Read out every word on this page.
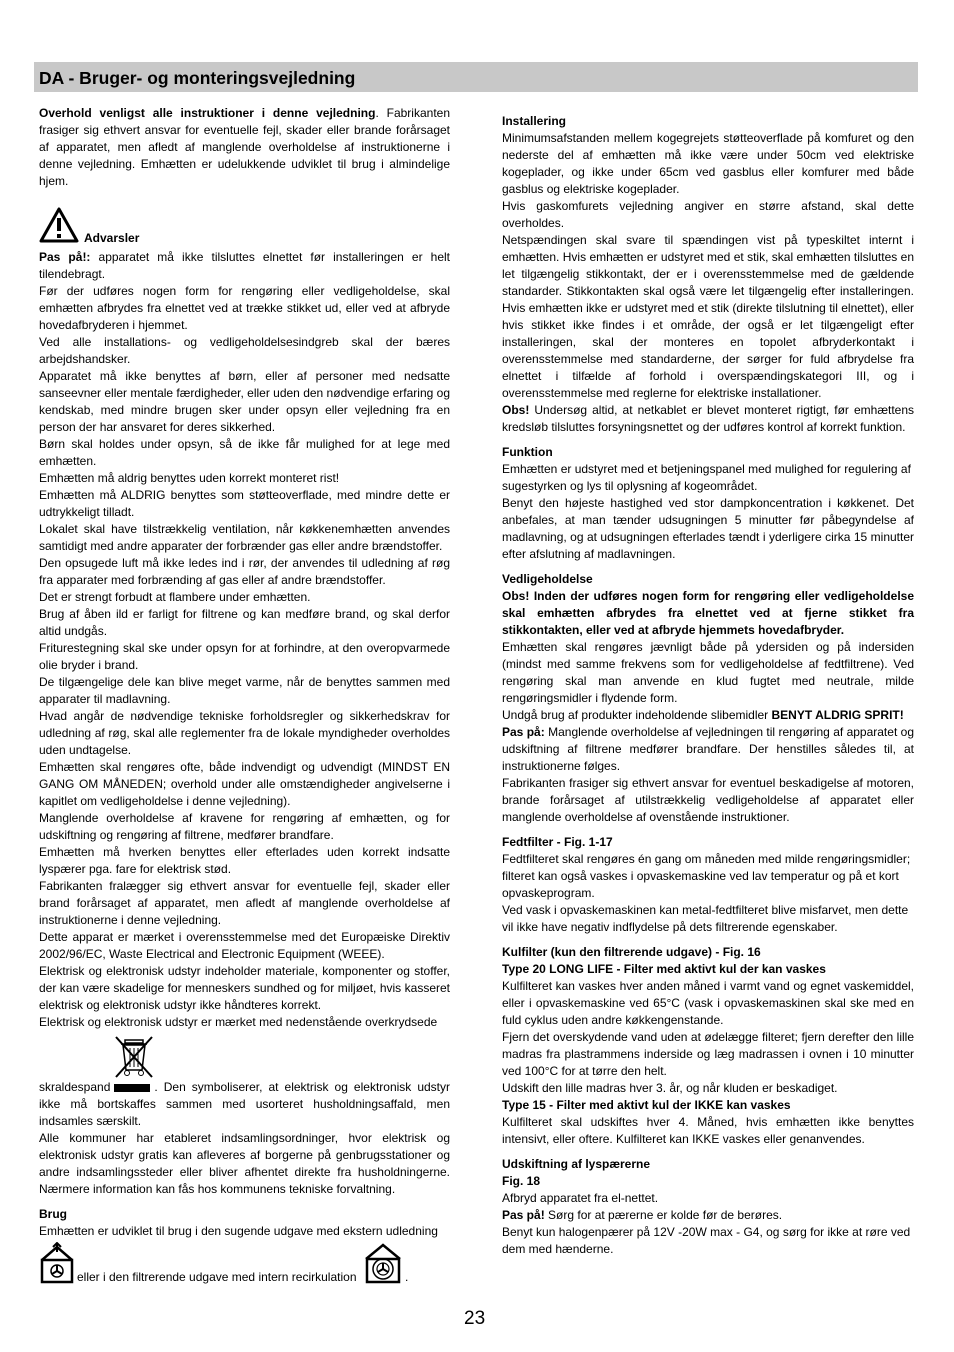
DA - Bruger- og monteringsvejledning

Overhold venligst alle instruktioner i denne vejledning. Fabrikanten frasiger sig ethvert ansvar for eventuelle fejl, skader eller brande forårsaget af apparatet, men afledt af manglende overholdelse af instruktionerne i denne vejledning. Emhætten er udelukkende udviklet til brug i almindelige hjem.

Advarsler

Pas på!: apparatet må ikke tilsluttes elnettet før installeringen er helt tilendebragt.

Før der udføres nogen form for rengøring eller vedligeholdelse, skal emhætten afbrydes fra elnettet ved at trække stikket ud, eller ved at afbryde hovedafbryderen i hjemmet.

Ved alle installations- og vedligeholdelsesindgreb skal der bæres arbejdshandsker.

Apparatet må ikke benyttes af børn, eller af personer med nedsatte sanseevner eller mentale færdigheder, eller uden den nødvendige erfaring og kendskab, med mindre brugen sker under opsyn eller vejledning fra en person der har ansvaret for deres sikkerhed.

Børn skal holdes under opsyn, så de ikke får mulighed for at lege med emhætten.

Emhætten må aldrig benyttes uden korrekt monteret rist!

Emhætten må ALDRIG benyttes som støtteoverflade, med mindre dette er udtrykkeligt tilladt.

Lokalet skal have tilstrækkelig ventilation, når køkkenemhætten anvendes samtidigt med andre apparater der forbrænder gas eller andre brændstoffer.

Den opsugede luft må ikke ledes ind i rør, der anvendes til udledning af røg fra apparater med forbrænding af gas eller af andre brændstoffer.

Det er strengt forbudt at flambere under emhætten.

Brug af åben ild er farligt for filtrene og kan medføre brand, og skal derfor altid undgås.

Friturestegning skal ske under opsyn for at forhindre, at den overopvarmede olie bryder i brand.

De tilgængelige dele kan blive meget varme, når de benyttes sammen med apparater til madlavning.

Hvad angår de nødvendige tekniske forholdsregler og sikkerhedskrav for udledning af røg, skal alle reglementer fra de lokale myndigheder overholdes uden undtagelse.

Emhætten skal rengøres ofte, både indvendigt og udvendigt (MINDST EN GANG OM MÅNEDEN; overhold under alle omstændigheder angivelserne i kapitlet om vedligeholdelse i denne vejledning).

Manglende overholdelse af kravene for rengøring af emhætten, og for udskiftning og rengøring af filtrene, medfører brandfare.

Emhætten må hverken benyttes eller efterlades uden korrekt indsatte lyspærer pga. fare for elektrisk stød.

Fabrikanten fralægger sig ethvert ansvar for eventuelle fejl, skader eller brand forårsaget af apparatet, men afledt af manglende overholdelse af instruktionerne i denne vejledning.

Dette apparat er mærket i overensstemmelse med det Europæiske Direktiv 2002/96/EC, Waste Electrical and Electronic Equipment (WEEE).

Elektrisk og elektronisk udstyr indeholder materiale, komponenter og stoffer, der kan være skadelige for menneskers sundhed og for miljøet, hvis kasseret elektrisk og elektronisk udstyr ikke håndteres korrekt.

Elektrisk og elektronisk udstyr er mærket med nedenstående overkrydsede

skraldespand	. Den symboliserer, at elektrisk og elektronisk udstyr ikke må bortskaffes sammen med usorteret husholdningsaffald, men indsamles særskilt.

Alle kommuner har etableret indsamlingsordninger, hvor elektrisk og elektronisk udstyr gratis kan afleveres af borgerne på genbrugsstationer og andre indsamlingssteder eller bliver afhentet direkte fra husholdningerne. Nærmere information kan fås hos kommunens tekniske forvaltning.

Brug

Emhætten er udviklet til brug i den sugende udgave med ekstern udledning

eller i den filtrerende udgave med intern recirkulation	.

Installering

Minimumsafstanden mellem kogegrejets støtteoverflade på komfuret og den nederste del af emhætten må ikke være under 50cm ved elektriske kogeplader, og ikke under 65cm ved gasblus eller komfurer med både gasblus og elektriske kogeplader.

Hvis gaskomfurets vejledning angiver en større afstand, skal dette overholdes.

Netspændingen skal svare til spændingen vist på typeskiltet internt i emhætten. Hvis emhætten er udstyret med et stik, skal emhætten tilsluttes en let tilgængelig stikkontakt, der er i overensstemmelse med de gældende standarder. Stikkontakten skal også være let tilgængelig efter installeringen. Hvis emhætten ikke er udstyret med et stik (direkte tilslutning til elnettet), eller hvis stikket ikke findes i et område, der også er let tilgængeligt efter installeringen, skal der monteres en topolet afbryderkontakt i overensstemmelse med standarderne, der sørger for fuld afbrydelse fra elnettet i tilfælde af forhold i overspændingskategori III, og i overensstemmelse med reglerne for elektriske installationer.

Obs! Undersøg altid, at netkablet er blevet monteret rigtigt, før emhættens kredsløb tilsluttes forsyningsnettet og der udføres kontrol af korrekt funktion.

Funktion

Emhætten er udstyret med et betjeningspanel med mulighed for regulering af sugestyrken og lys til oplysning af kogeområdet.

Benyt den højeste hastighed ved stor dampkoncentration i køkkenet. Det anbefales, at man tænder udsugningen 5 minutter før påbegyndelse af madlavning, og at udsugningen efterlades tændt i yderligere cirka 15 minutter efter afslutning af madlavningen.

Vedligeholdelse

Obs! Inden der udføres nogen form for rengøring eller vedligeholdelse skal emhætten afbrydes fra elnettet ved at fjerne stikket fra stikkontakten, eller ved at afbryde hjemmets hovedafbryder.

Emhætten skal rengøres jævnligt både på ydersiden og på indersiden (mindst med samme frekvens som for vedligeholdelse af fedtfiltrene). Ved rengøring skal man anvende en klud fugtet med neutrale, milde rengøringsmidler i flydende form.

Undgå brug af produkter indeholdende slibemidler BENYT ALDRIG SPRIT!

Pas på: Manglende overholdelse af vejledningen til rengøring af apparatet og udskiftning af filtrene medfører brandfare. Der henstilles således til, at instruktionerne følges.

Fabrikanten frasiger sig ethvert ansvar for eventuel beskadigelse af motoren, brande forårsaget af utilstrækkelig vedligeholdelse af apparatet eller manglende overholdelse af ovenstående instruktioner.

Fedtfilter - Fig. 1-17

Fedtfilteret skal rengøres én gang om måneden med milde rengøringsmidler; filteret kan også vaskes i opvaskemaskine ved lav temperatur og på et kort opvaskeprogram.

Ved vask i opvaskemaskinen kan metal-fedtfilteret blive misfarvet, men dette vil ikke have negativ indflydelse på dets filtrerende egenskaber.

Kulfilter (kun den filtrerende udgave) - Fig. 16

Type 20 LONG LIFE - Filter med aktivt kul der kan vaskes

Kulfilteret kan vaskes hver anden måned i varmt vand og egnet vaskemiddel, eller i opvaskemaskine ved 65°C (vask i opvaskemaskinen skal ske med en fuld cyklus uden andre køkkengenstande.

Fjern det overskydende vand uden at ødelægge filteret; fjern derefter den lille madras fra plastrammens inderside og læg madrassen i ovnen i 10 minutter ved 100°C for at tørre den helt.

Udskift den lille madras hver 3. år, og når kluden er beskadiget.

Type 15 - Filter med aktivt kul der IKKE kan vaskes

Kulfilteret skal udskiftes hver 4. Måned, hvis emhætten ikke benyttes intensivt, eller oftere. Kulfilteret kan IKKE vaskes eller genanvendes.

Udskiftning af lyspærerne

Fig. 18

Afbryd apparatet fra el-nettet.

Pas på! Sørg for at pærerne er kolde før de berøres.

Benyt kun halogenpærer på 12V -20W max - G4, og sørg for ikke at røre ved dem med hænderne.

23
